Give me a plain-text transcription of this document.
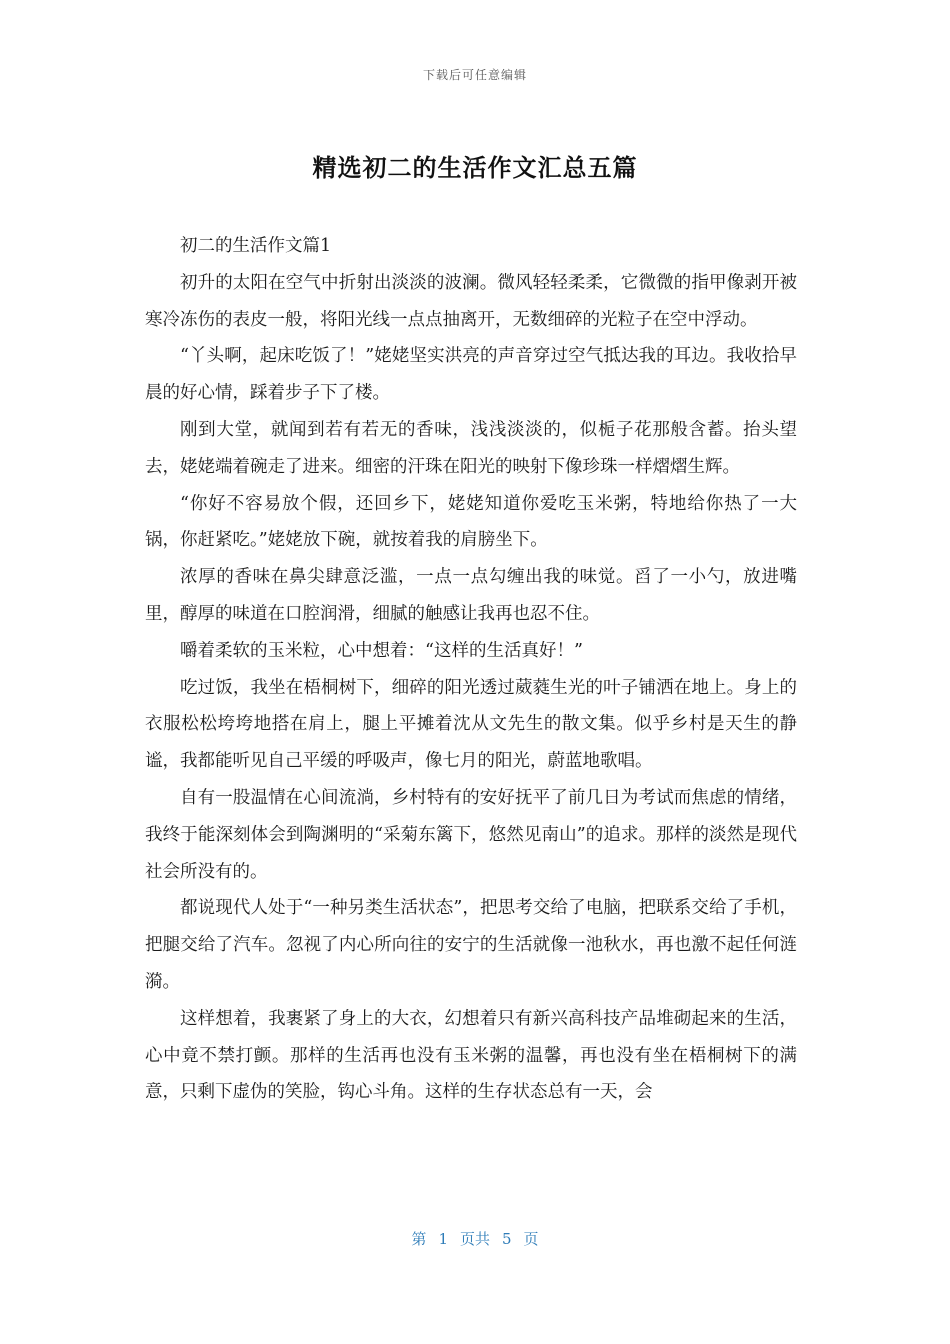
下载后可任意编辑
精选初二的生活作文汇总五篇

初二的生活作文篇1

初升的太阳在空气中折射出淡淡的波澜。微风轻轻柔柔，它微微的指甲像剥开被寒冷冻伤的表皮一般，将阳光线一点点抽离开，无数细碎的光粒子在空中浮动。

“丫头啊，起床吃饭了！”姥姥坚实洪亮的声音穿过空气抵达我的耳边。我收拾早晨的好心情，踩着步子下了楼。

刚到大堂，就闻到若有若无的香味，浅浅淡淡的，似栀子花那般含蓄。抬头望去，姥姥端着碗走了进来。细密的汗珠在阳光的映射下像珍珠一样熠熠生辉。

“你好不容易放个假，还回乡下，姥姥知道你爱吃玉米粥，特地给你热了一大锅，你赶紧吃。”姥姥放下碗，就按着我的肩膀坐下。

浓厚的香味在鼻尖肆意泛滥，一点一点勾缠出我的味觉。舀了一小勺，放进嘴里，醇厚的味道在口腔润滑，细腻的触感让我再也忍不住。

嚼着柔软的玉米粒，心中想着：“这样的生活真好！”

吃过饭，我坐在梧桐树下，细碎的阳光透过葳蕤生光的叶子铺洒在地上。身上的衣服松松垮垮地搭在肩上，腿上平摊着沈从文先生的散文集。似乎乡村是天生的静谧，我都能听见自己平缓的呼吸声，像七月的阳光，蔚蓝地歌唱。

自有一股温情在心间流淌，乡村特有的安好抚平了前几日为考试而焦虑的情绪，我终于能深刻体会到陶渊明的“采菊东篱下，悠然见南山”的追求。那样的淡然是现代社会所没有的。

都说现代人处于“一种另类生活状态”，把思考交给了电脑，把联系交给了手机，把腿交给了汽车。忽视了内心所向往的安宁的生活就像一池秋水，再也激不起任何涟漪。

这样想着，我裹紧了身上的大衣，幻想着只有新兴高科技产品堆砌起来的生活，心中竟不禁打颤。那样的生活再也没有玉米粥的温馨，再也没有坐在梧桐树下的满意，只剩下虚伪的笑脸，钩心斗角。这样的生存状态总有一天，会

第 1 页共 5 页
